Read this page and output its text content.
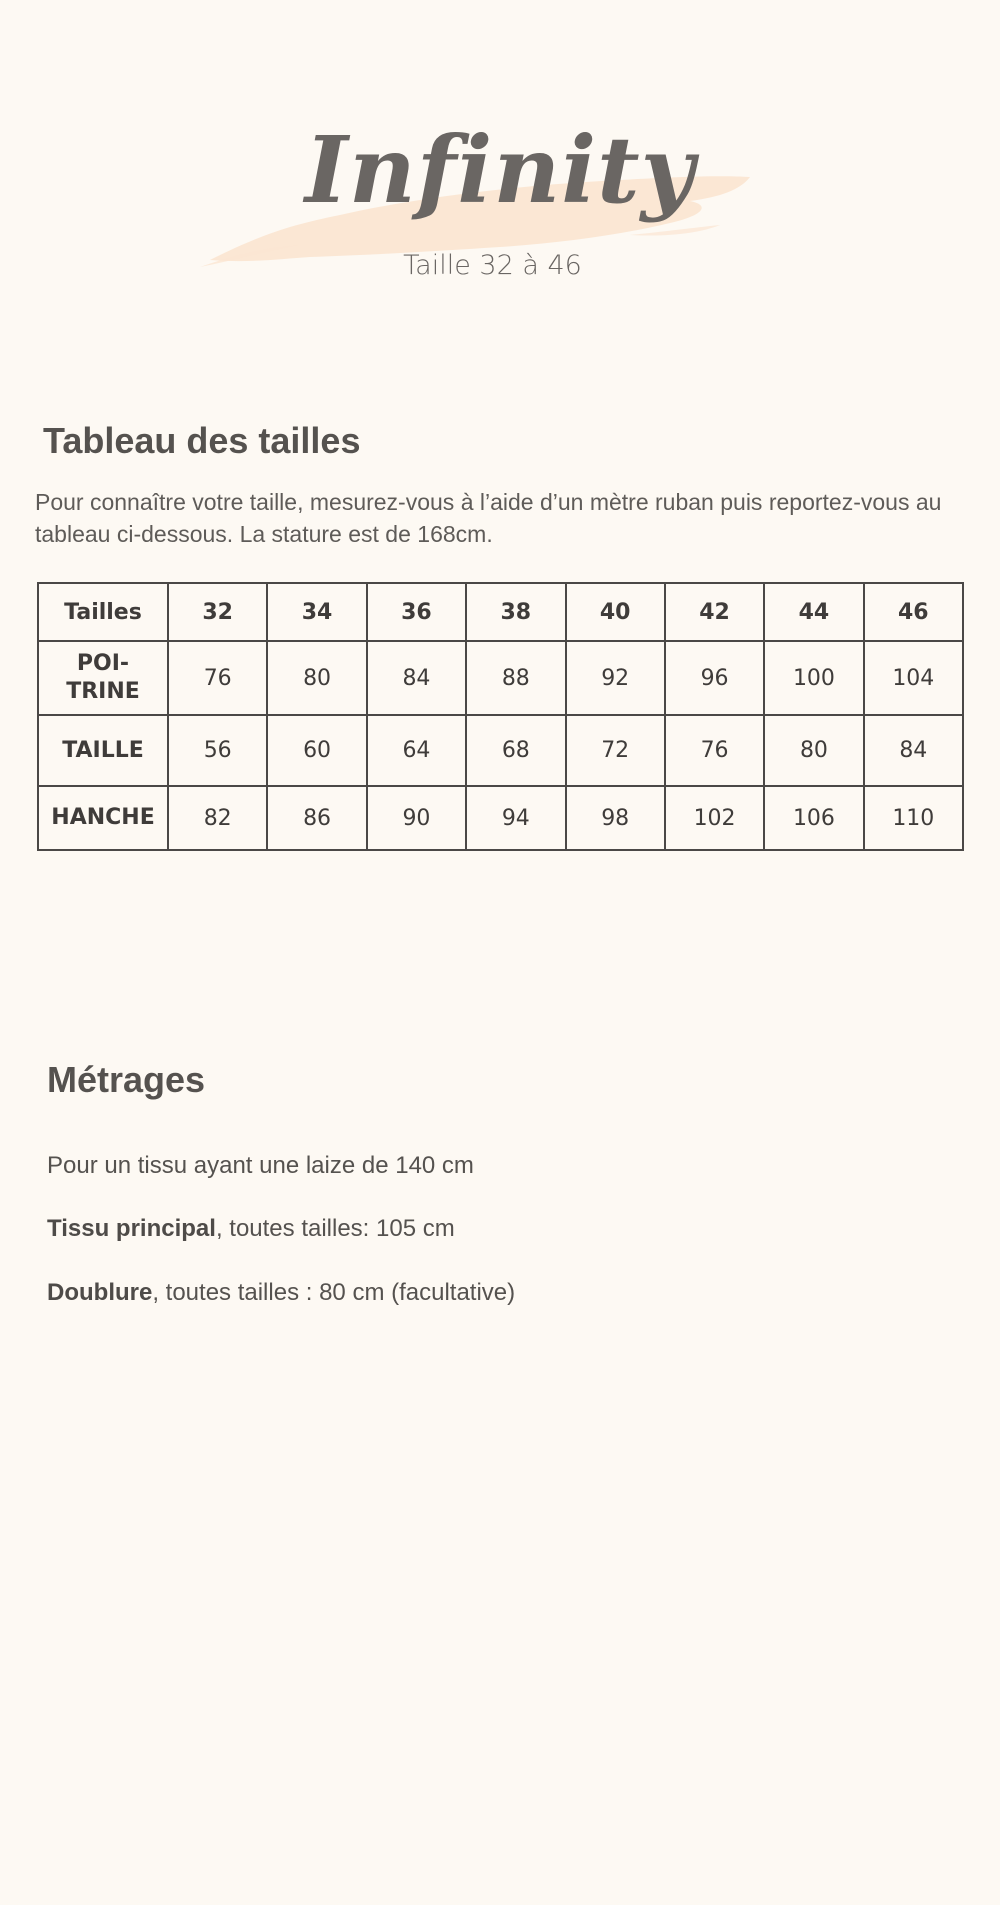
Infinity

Taille 32 à 46

Tableau des tailles

Pour connaître votre taille, mesurez-vous à l’aide d’un mètre ruban puis reportez-vous au tableau ci-dessous. La stature est de 168cm.

Tailles	32	34	36	38	40	42	44	46
POI-
TRINE	76	80	84	88	92	96	100	104
TAILLE	56	60	64	68	72	76	80	84
HANCHE	82	86	90	94	98	102	106	110
Métrages

Pour un tissu ayant une laize de 140 cm

Tissu principal, toutes tailles: 105 cm

Doublure, toutes tailles : 80 cm (facultative)
